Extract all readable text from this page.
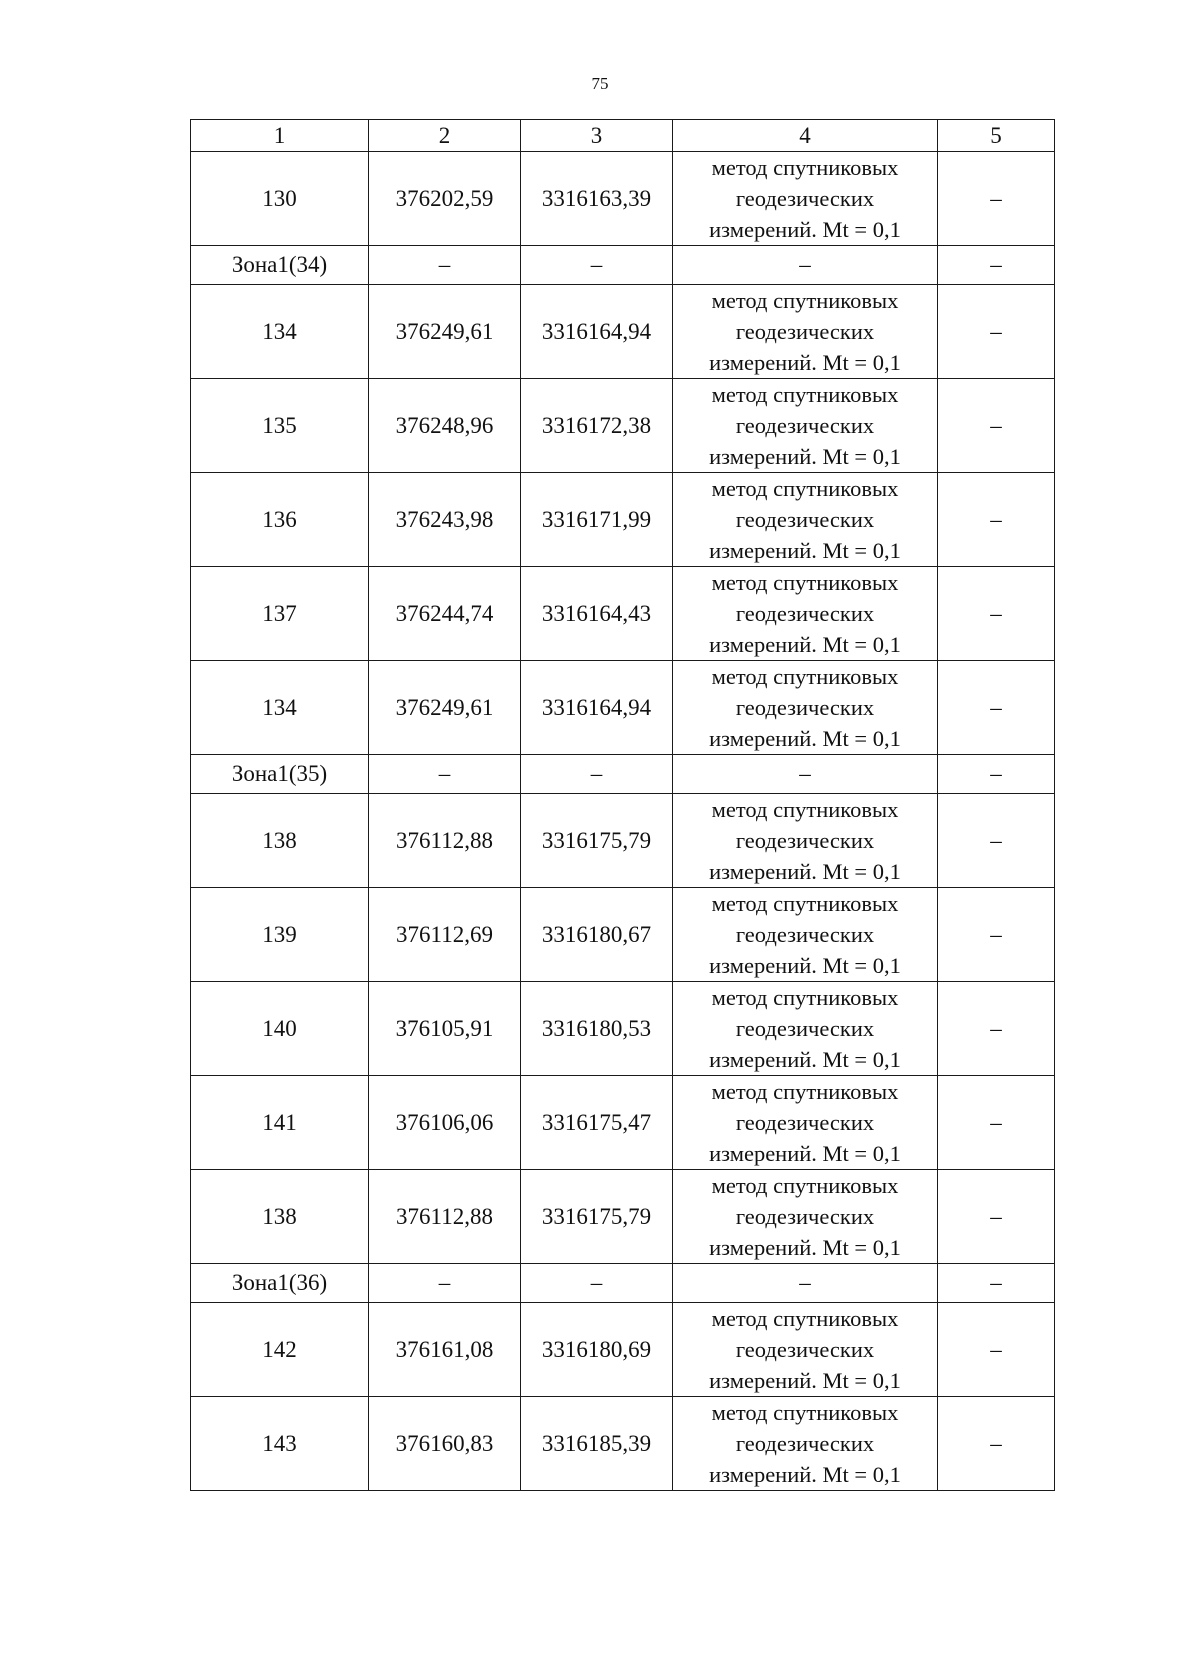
75
1	2	3	4	5
130	376202,59	3316163,39	метод спутниковых
геодезических
измерений. Mt = 0,1	–
Зона1(34)	–	–	–	–
134	376249,61	3316164,94	метод спутниковых
геодезических
измерений. Mt = 0,1	–
135	376248,96	3316172,38	метод спутниковых
геодезических
измерений. Mt = 0,1	–
136	376243,98	3316171,99	метод спутниковых
геодезических
измерений. Mt = 0,1	–
137	376244,74	3316164,43	метод спутниковых
геодезических
измерений. Mt = 0,1	–
134	376249,61	3316164,94	метод спутниковых
геодезических
измерений. Mt = 0,1	–
Зона1(35)	–	–	–	–
138	376112,88	3316175,79	метод спутниковых
геодезических
измерений. Mt = 0,1	–
139	376112,69	3316180,67	метод спутниковых
геодезических
измерений. Mt = 0,1	–
140	376105,91	3316180,53	метод спутниковых
геодезических
измерений. Mt = 0,1	–
141	376106,06	3316175,47	метод спутниковых
геодезических
измерений. Mt = 0,1	–
138	376112,88	3316175,79	метод спутниковых
геодезических
измерений. Mt = 0,1	–
Зона1(36)	–	–	–	–
142	376161,08	3316180,69	метод спутниковых
геодезических
измерений. Mt = 0,1	–
143	376160,83	3316185,39	метод спутниковых
геодезических
измерений. Mt = 0,1	–
